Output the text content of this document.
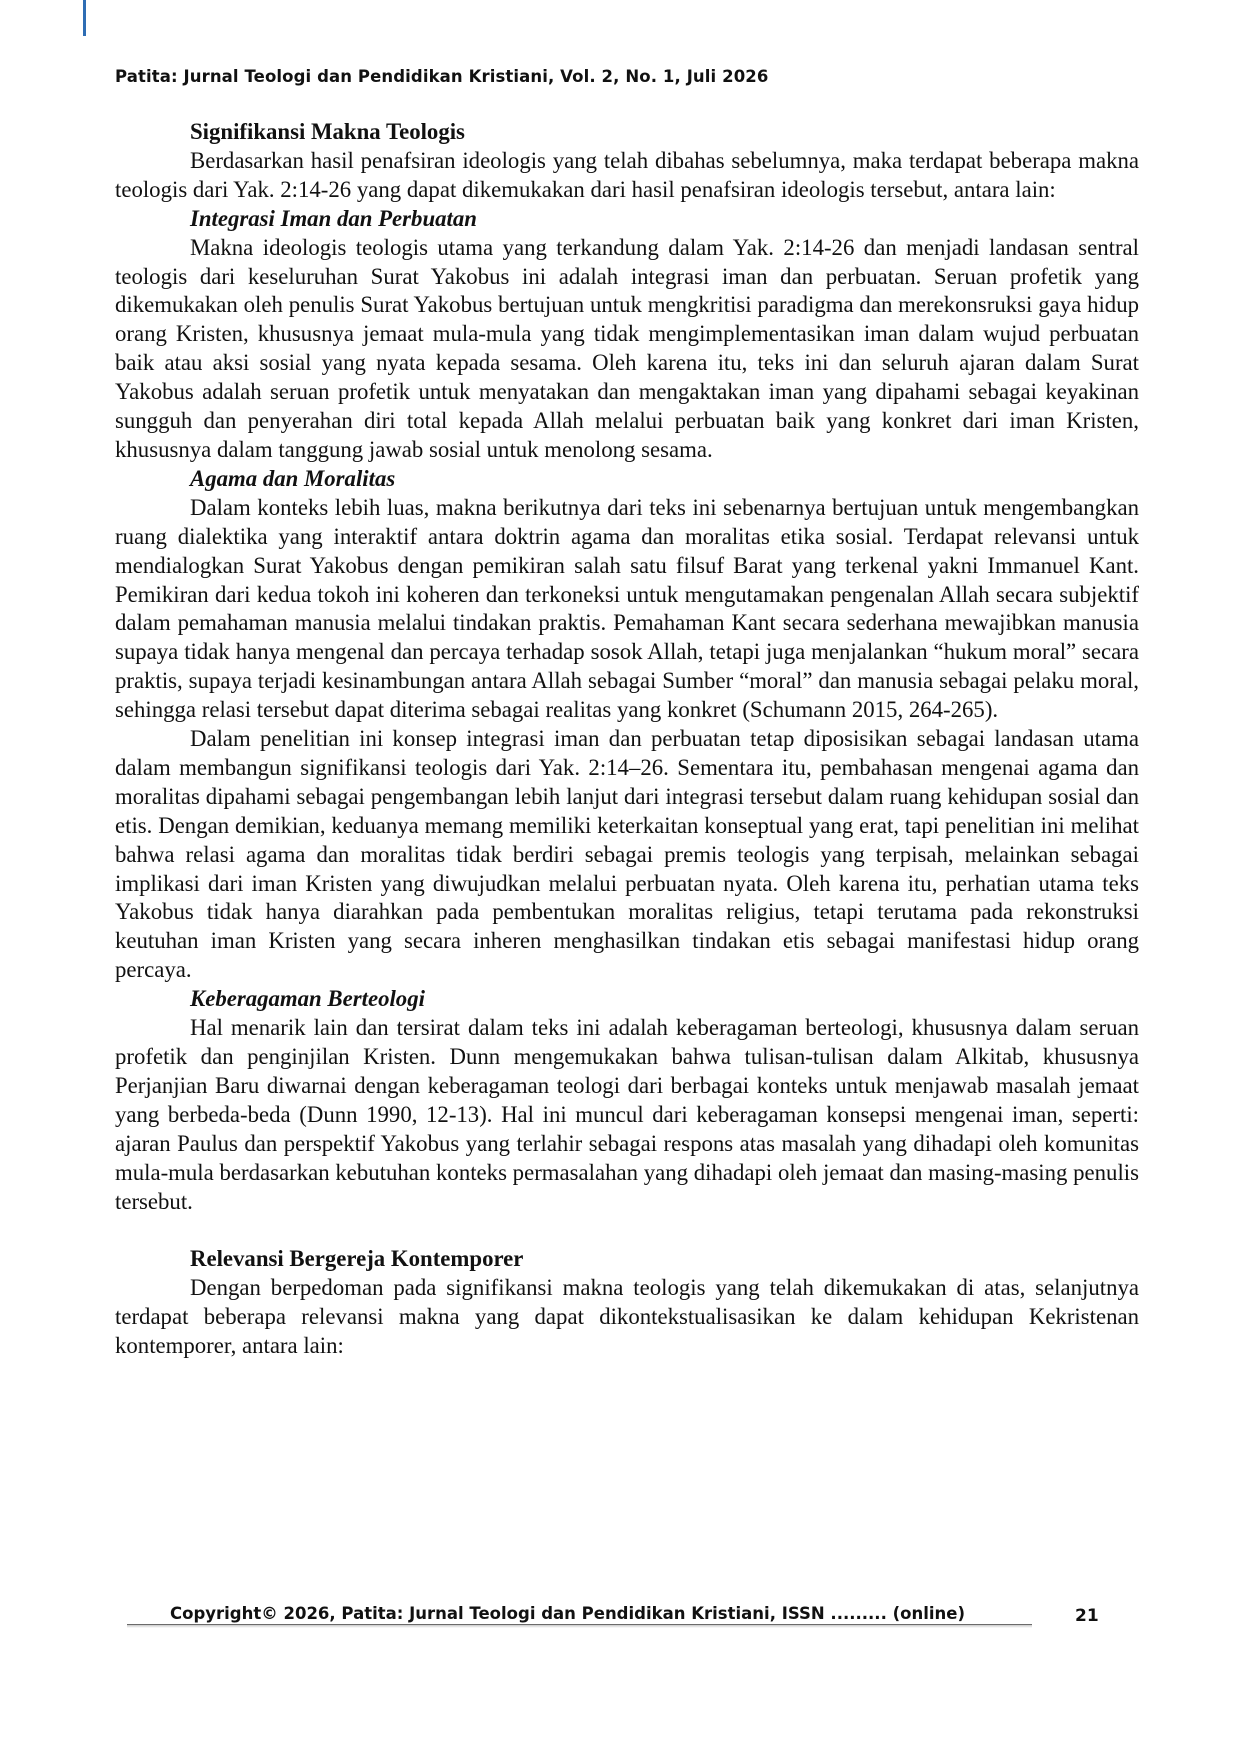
Patita: Jurnal Teologi dan Pendidikan Kristiani, Vol. 2, No. 1, Juli 2026
Signifikansi Makna Teologis

Berdasarkan hasil penafsiran ideologis yang telah dibahas sebelumnya, maka terdapat beberapa makna teologis dari Yak. 2:14-26 yang dapat dikemukakan dari hasil penafsiran ideologis tersebut, antara lain:

Integrasi Iman dan Perbuatan

Makna ideologis teologis utama yang terkandung dalam Yak. 2:14-26 dan menjadi landasan sentral teologis dari keseluruhan Surat Yakobus ini adalah integrasi iman dan perbuatan. Seruan profetik yang dikemukakan oleh penulis Surat Yakobus bertujuan untuk mengkritisi paradigma dan merekonsruksi gaya hidup orang Kristen, khususnya jemaat mula-mula yang tidak mengimplementasikan iman dalam wujud perbuatan baik atau aksi sosial yang nyata kepada sesama. Oleh karena itu, teks ini dan seluruh ajaran dalam Surat Yakobus adalah seruan profetik untuk menyatakan dan mengaktakan iman yang dipahami sebagai keyakinan sungguh dan penyerahan diri total kepada Allah melalui perbuatan baik yang konkret dari iman Kristen, khususnya dalam tanggung jawab sosial untuk menolong sesama.

Agama dan Moralitas

Dalam konteks lebih luas, makna berikutnya dari teks ini sebenarnya bertujuan untuk mengembangkan ruang dialektika yang interaktif antara doktrin agama dan moralitas etika sosial. Terdapat relevansi untuk mendialogkan Surat Yakobus dengan pemikiran salah satu filsuf Barat yang terkenal yakni Immanuel Kant. Pemikiran dari kedua tokoh ini koheren dan terkoneksi untuk mengutamakan pengenalan Allah secara subjektif dalam pemahaman manusia melalui tindakan praktis. Pemahaman Kant secara sederhana mewajibkan manusia supaya tidak hanya mengenal dan percaya terhadap sosok Allah, tetapi juga menjalankan “hukum moral” secara praktis, supaya terjadi kesinambungan antara Allah sebagai Sumber “moral” dan manusia sebagai pelaku moral, sehingga relasi tersebut dapat diterima sebagai realitas yang konkret (Schumann 2015, 264-265).

Dalam penelitian ini konsep integrasi iman dan perbuatan tetap diposisikan sebagai landasan utama dalam membangun signifikansi teologis dari Yak. 2:14–26. Sementara itu, pembahasan mengenai agama dan moralitas dipahami sebagai pengembangan lebih lanjut dari integrasi tersebut dalam ruang kehidupan sosial dan etis. Dengan demikian, keduanya memang memiliki keterkaitan konseptual yang erat, tapi penelitian ini melihat bahwa relasi agama dan moralitas tidak berdiri sebagai premis teologis yang terpisah, melainkan sebagai implikasi dari iman Kristen yang diwujudkan melalui perbuatan nyata. Oleh karena itu, perhatian utama teks Yakobus tidak hanya diarahkan pada pembentukan moralitas religius, tetapi terutama pada rekonstruksi keutuhan iman Kristen yang secara inheren menghasilkan tindakan etis sebagai manifestasi hidup orang percaya.

Keberagaman Berteologi

Hal menarik lain dan tersirat dalam teks ini adalah keberagaman berteologi, khususnya dalam seruan profetik dan penginjilan Kristen. Dunn mengemukakan bahwa tulisan-tulisan dalam Alkitab, khususnya Perjanjian Baru diwarnai dengan keberagaman teologi dari berbagai konteks untuk menjawab masalah jemaat yang berbeda-beda (Dunn 1990, 12-13). Hal ini muncul dari keberagaman konsepsi mengenai iman, seperti: ajaran Paulus dan perspektif Yakobus yang terlahir sebagai respons atas masalah yang dihadapi oleh komunitas mula-mula berdasarkan kebutuhan konteks permasalahan yang dihadapi oleh jemaat dan masing-masing penulis tersebut.

Relevansi Bergereja Kontemporer

Dengan berpedoman pada signifikansi makna teologis yang telah dikemukakan di atas, selanjutnya terdapat beberapa relevansi makna yang dapat dikontekstualisasikan ke dalam kehidupan Kekristenan kontemporer, antara lain:

Copyright© 2026, Patita: Jurnal Teologi dan Pendidikan Kristiani, ISSN ......... (online)	21
